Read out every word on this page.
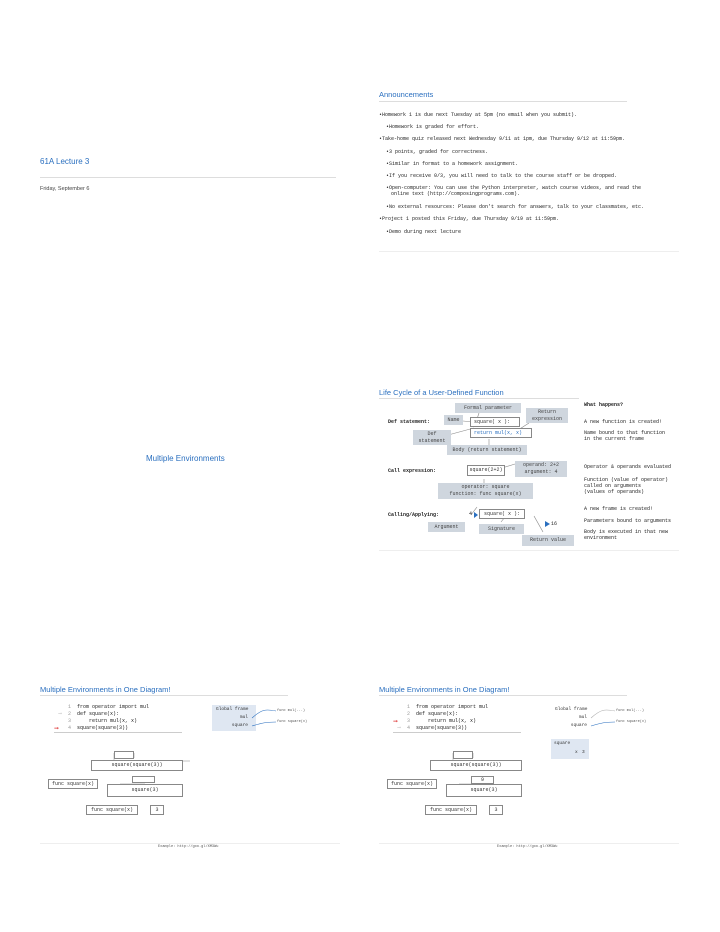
61A Lecture 3
Friday, September 6
Announcements

•Homework 1 is due next Tuesday at 5pm (no email when you submit).

•Homework is graded for effort.

•Take-home quiz released next Wednesday 9/11 at 1pm, due Thursday 9/12 at 11:59pm.

•3 points, graded for correctness.

•Similar in format to a homework assignment.

•If you receive 0/3, you will need to talk to the course staff or be dropped.

•Open-computer: You can use the Python interpreter, watch course videos, and read the

online text (http://composingprograms.com).

•No external resources: Please don't search for answers, talk to your classmates, etc.

•Project 1 posted this Friday, due Thursday 9/19 at 11:59pm.

•Demo during next lecture

Multiple Environments
Life Cycle of a User-Defined Function
What happens?
Formal parameter
Return
expression
Name
Def statement:	square( x ):
return mul(x, x)
Def
statement
Body (return statement)
Call expression:	square(2+2)
operand: 2+2
argument: 4
operator: square
function: func square(x)
Calling/Applying:	4	square( x ):
Argument	Signature
16
Return value
A new function is created!
Name bound to that function
in the current frame
Operator & operands evaluated
Function (value of operator)
called on arguments
(values of operands)
A new frame is created!
Parameters bound to arguments
Body is executed in that new
environment
Multiple Environments in One Diagram!
1 from operator import mul
2 def square(x):
3 return mul(x, x)
4 square(square(3))
➞
➞
Global frame
mul
square
func mul(...)
func square(x)
square(square(3))
func square(x)
square(3)
func square(x)	3
Example: http://goo.gl/XM3Wu
Multiple Environments in One Diagram!
1 from operator import mul
2 def square(x):
3 return mul(x, x)
4 square(square(3))
➞
➞
Global frame
mul
square
func mul(...)
func square(x)
square
x 3
square(square(3))
func square(x)
9
square(3)
func square(x)	3
Example: http://goo.gl/XM3Wu
